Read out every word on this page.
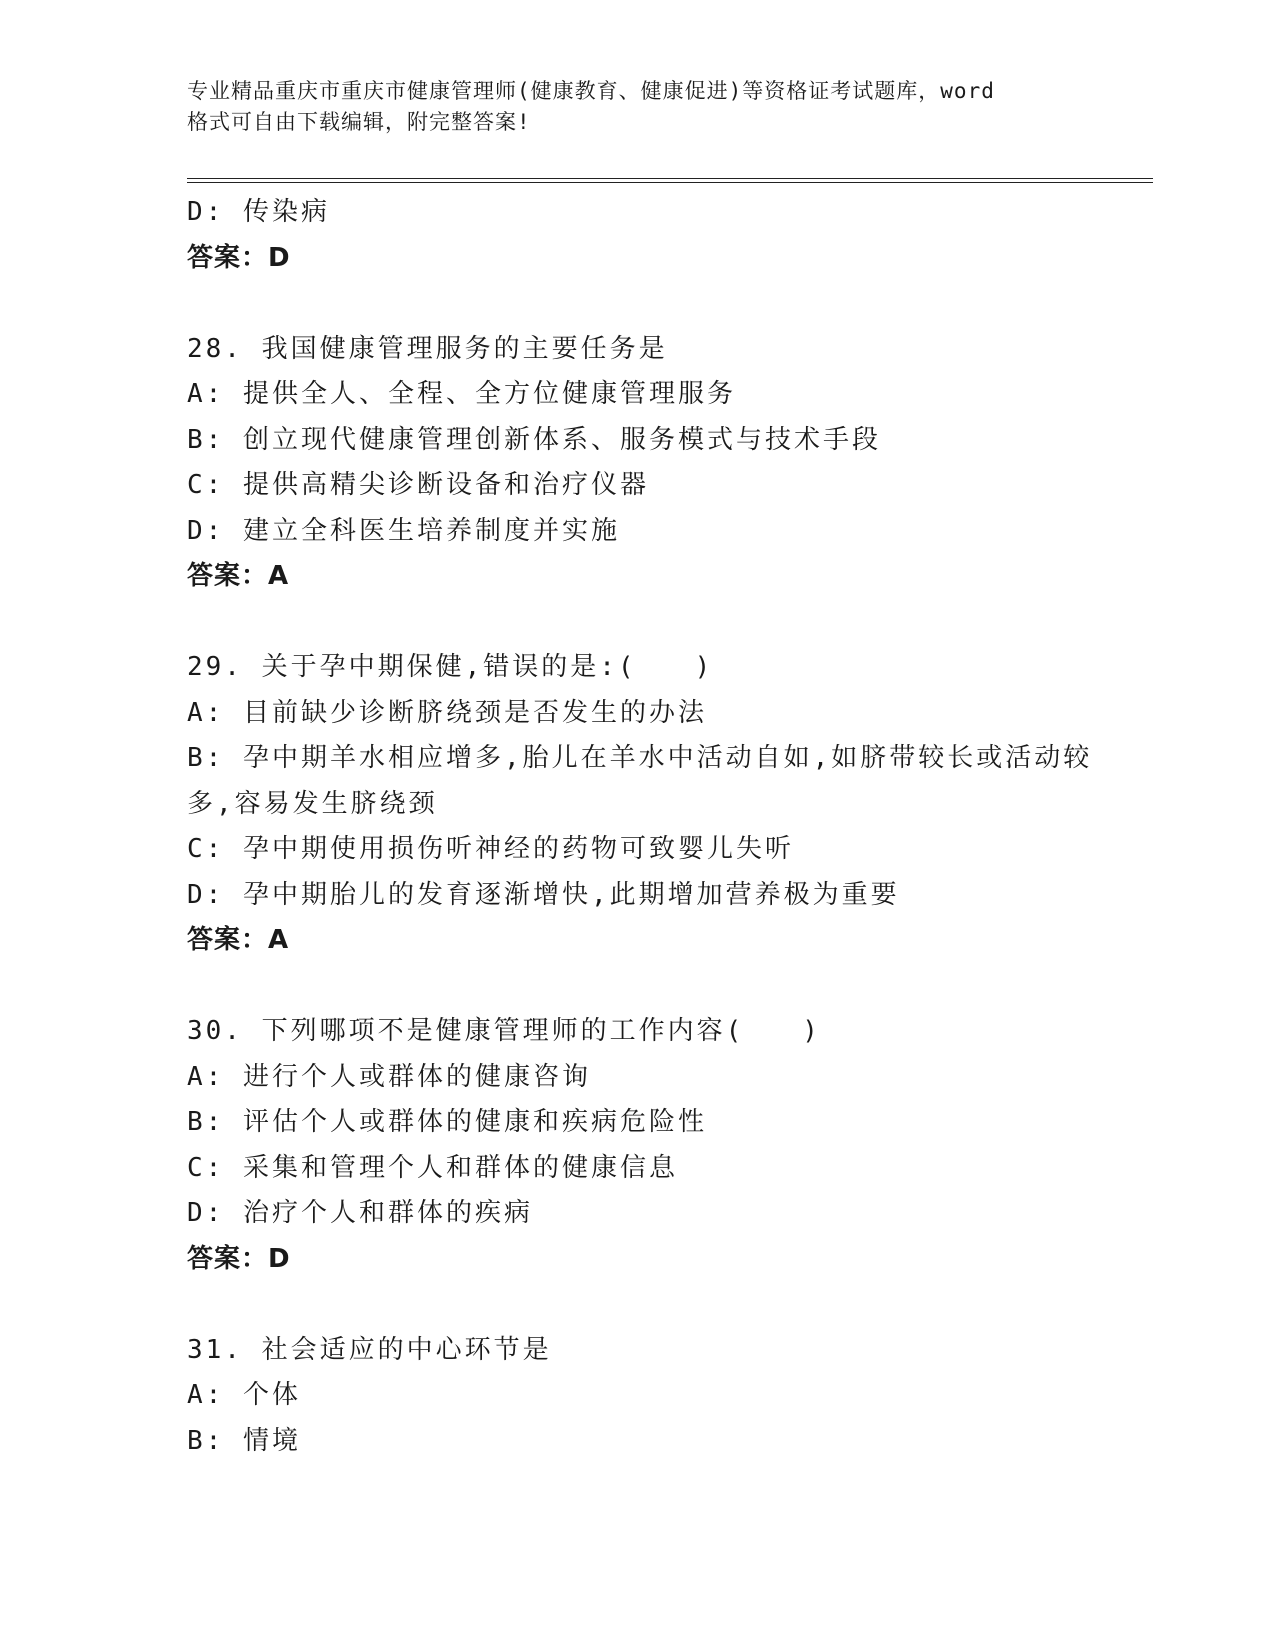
专业精品重庆市重庆市健康管理师(健康教育、健康促进)等资格证考试题库，word
格式可自由下载编辑，附完整答案!
D: 传染病
答案：D
28. 我国健康管理服务的主要任务是
A: 提供全人、全程、全方位健康管理服务
B: 创立现代健康管理创新体系、服务模式与技术手段
C: 提供高精尖诊断设备和治疗仪器
D: 建立全科医生培养制度并实施
答案：A
29. 关于孕中期保健,错误的是:(　　)
A: 目前缺少诊断脐绕颈是否发生的办法
B: 孕中期羊水相应增多,胎儿在羊水中活动自如,如脐带较长或活动较
多,容易发生脐绕颈
C: 孕中期使用损伤听神经的药物可致婴儿失听
D: 孕中期胎儿的发育逐渐增快,此期增加营养极为重要
答案：A
30. 下列哪项不是健康管理师的工作内容(　　)
A: 进行个人或群体的健康咨询
B: 评估个人或群体的健康和疾病危险性
C: 采集和管理个人和群体的健康信息
D: 治疗个人和群体的疾病
答案：D
31. 社会适应的中心环节是
A: 个体
B: 情境
